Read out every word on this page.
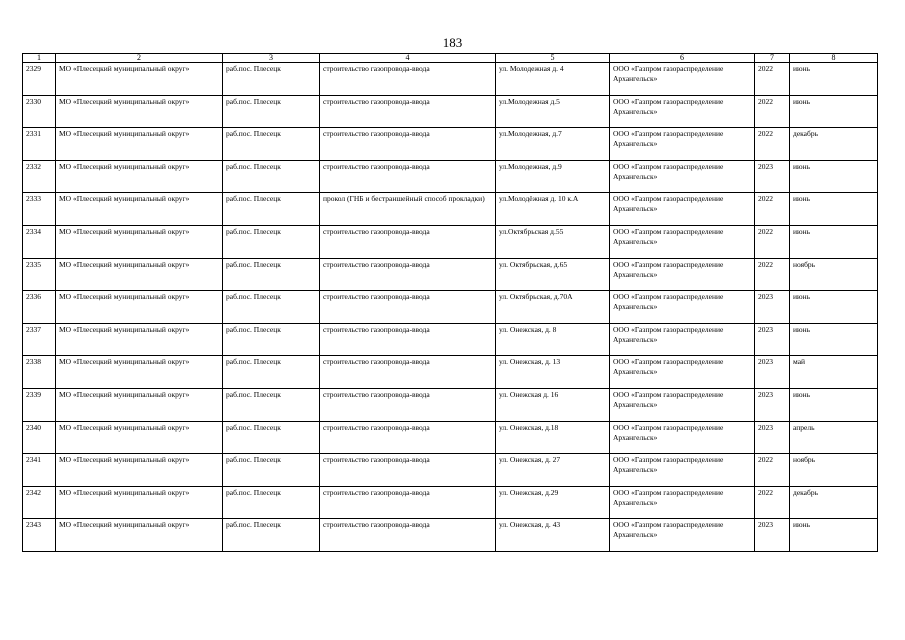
183
1	2	3	4	5	6	7	8
2329	МО «Плесецкий муниципальный округ»	раб.пос. Плесецк	строительство газопровода-ввода	ул. Молодежная д. 4	ООО «Газпром газораспределение Архангельск»	2022	июнь
2330	МО «Плесецкий муниципальный округ»	раб.пос. Плесецк	строительство газопровода-ввода	ул.Молодежная д.5	ООО «Газпром газораспределение Архангельск»	2022	июнь
2331	МО «Плесецкий муниципальный округ»	раб.пос. Плесецк	строительство газопровода-ввода	ул.Молодежная, д.7	ООО «Газпром газораспределение Архангельск»	2022	декабрь
2332	МО «Плесецкий муниципальный округ»	раб.пос. Плесецк	строительство газопровода-ввода	ул.Молодежная, д.9	ООО «Газпром газораспределение Архангельск»	2023	июнь
2333	МО «Плесецкий муниципальный округ»	раб.пос. Плесецк	прокол (ГНБ и бестраншейный способ прокладки)	ул.Молодёжная д. 10 к.А	ООО «Газпром газораспределение Архангельск»	2022	июнь
2334	МО «Плесецкий муниципальный округ»	раб.пос. Плесецк	строительство газопровода-ввода	ул.Октябрьская д.55	ООО «Газпром газораспределение Архангельск»	2022	июнь
2335	МО «Плесецкий муниципальный округ»	раб.пос. Плесецк	строительство газопровода-ввода	ул. Октябрьская, д.65	ООО «Газпром газораспределение Архангельск»	2022	ноябрь
2336	МО «Плесецкий муниципальный округ»	раб.пос. Плесецк	строительство газопровода-ввода	ул. Октябрьская, д.70А	ООО «Газпром газораспределение Архангельск»	2023	июнь
2337	МО «Плесецкий муниципальный округ»	раб.пос. Плесецк	строительство газопровода-ввода	ул. Онежская, д. 8	ООО «Газпром газораспределение Архангельск»	2023	июнь
2338	МО «Плесецкий муниципальный округ»	раб.пос. Плесецк	строительство газопровода-ввода	ул. Онежская, д. 13	ООО «Газпром газораспределение Архангельск»	2023	май
2339	МО «Плесецкий муниципальный округ»	раб.пос. Плесецк	строительство газопровода-ввода	ул. Онежская д. 16	ООО «Газпром газораспределение Архангельск»	2023	июнь
2340	МО «Плесецкий муниципальный округ»	раб.пос. Плесецк	строительство газопровода-ввода	ул. Онежская, д.18	ООО «Газпром газораспределение Архангельск»	2023	апрель
2341	МО «Плесецкий муниципальный округ»	раб.пос. Плесецк	строительство газопровода-ввода	ул. Онежская, д. 27	ООО «Газпром газораспределение Архангельск»	2022	ноябрь
2342	МО «Плесецкий муниципальный округ»	раб.пос. Плесецк	строительство газопровода-ввода	ул. Онежская, д.29	ООО «Газпром газораспределение Архангельск»	2022	декабрь
2343	МО «Плесецкий муниципальный округ»	раб.пос. Плесецк	строительство газопровода-ввода	ул. Онежская, д. 43	ООО «Газпром газораспределение Архангельск»	2023	июнь
